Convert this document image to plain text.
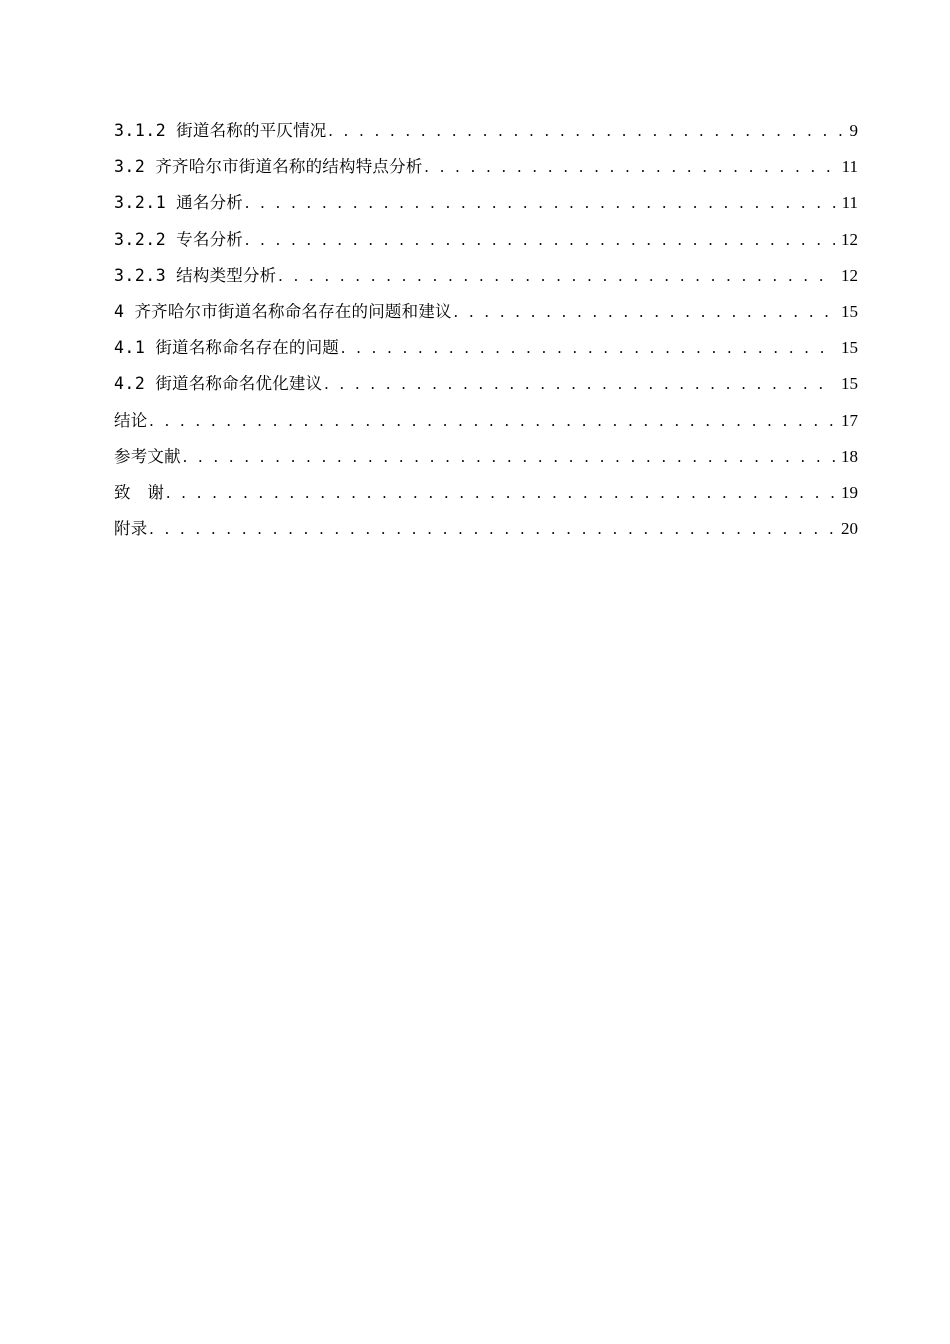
3.1.2 街道名称的平仄情况 . . .	9
3.2 齐齐哈尔市街道名称的结构特点分析 . . .	11
3.2.1 通名分析 . . .	11
3.2.2 专名分析 . . .	12
3.2.3 结构类型分析 . . .	12
4 齐齐哈尔市街道名称命名存在的问题和建议 . . .	15
4.1 街道名称命名存在的问题 . . .	15
4.2 街道名称命名优化建议 . . .	15
结论 . . .	17
参考文献 . . .	18
致　谢 . . .	19
附录 . . .	20
